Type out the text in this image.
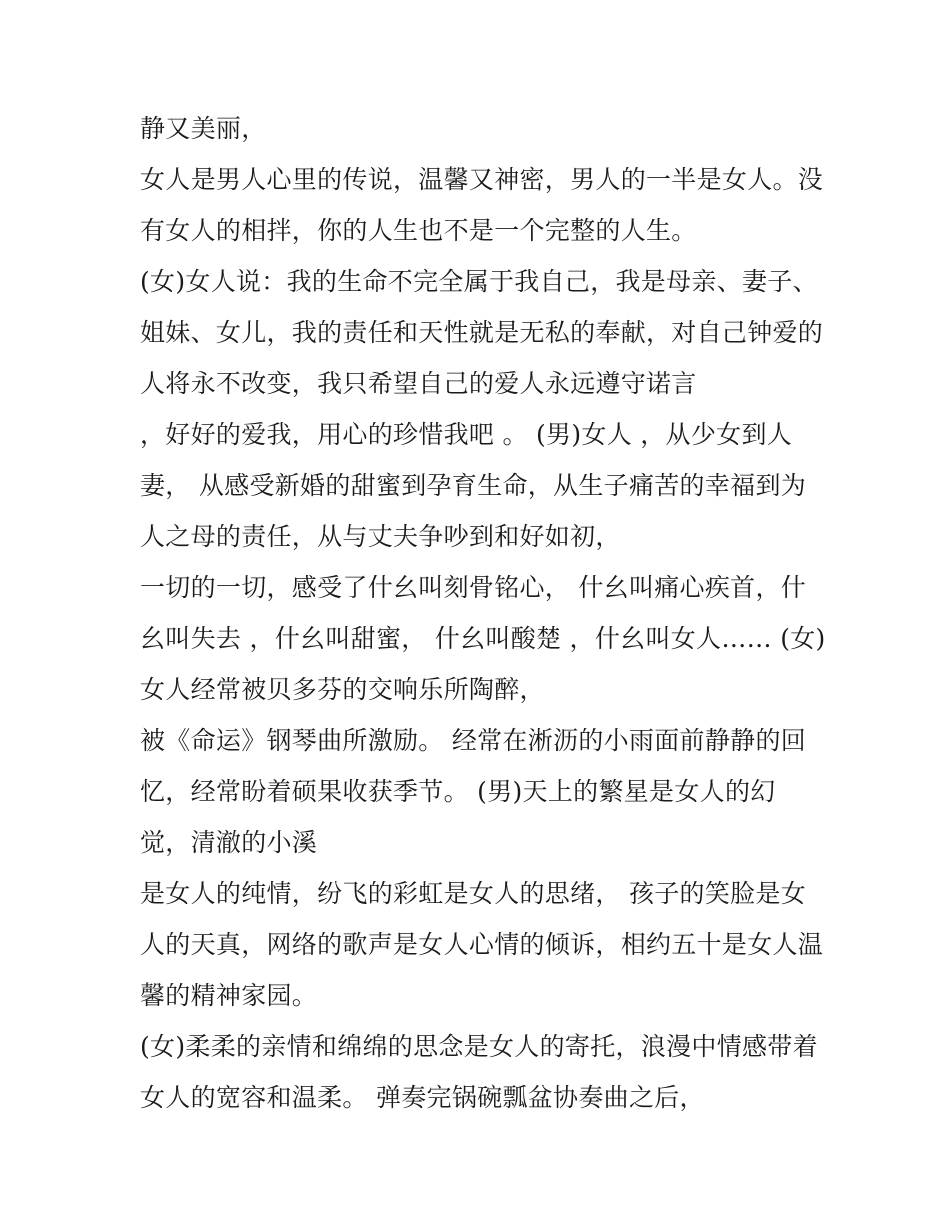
静又美丽，
女人是男人心里的传说，温馨又神密，男人的一半是女人。没
有女人的相拌，你的人生也不是一个完整的人生。
(女)女人说：我的生命不完全属于我自己，我是母亲、妻子、
姐妹、女儿，我的责任和天性就是无私的奉献，对自己钟爱的
人将永不改变，我只希望自己的爱人永远遵守诺言
，好好的爱我，用心的珍惜我吧 。 (男)女人 ，从少女到人
妻， 从感受新婚的甜蜜到孕育生命，从生子痛苦的幸福到为
人之母的责任，从与丈夫争吵到和好如初，
一切的一切，感受了什幺叫刻骨铭心， 什幺叫痛心疾首，什
幺叫失去 ，什幺叫甜蜜， 什幺叫酸楚 ，什幺叫女人…… (女)
女人经常被贝多芬的交响乐所陶醉，
被《命运》钢琴曲所激励。 经常在淅沥的小雨面前静静的回
忆，经常盼着硕果收获季节。 (男)天上的繁星是女人的幻
觉，清澈的小溪
是女人的纯情，纷飞的彩虹是女人的思绪， 孩子的笑脸是女
人的天真，网络的歌声是女人心情的倾诉，相约五十是女人温
馨的精神家园。
(女)柔柔的亲情和绵绵的思念是女人的寄托，浪漫中情感带着
女人的宽容和温柔。 弹奏完锅碗瓢盆协奏曲之后，
